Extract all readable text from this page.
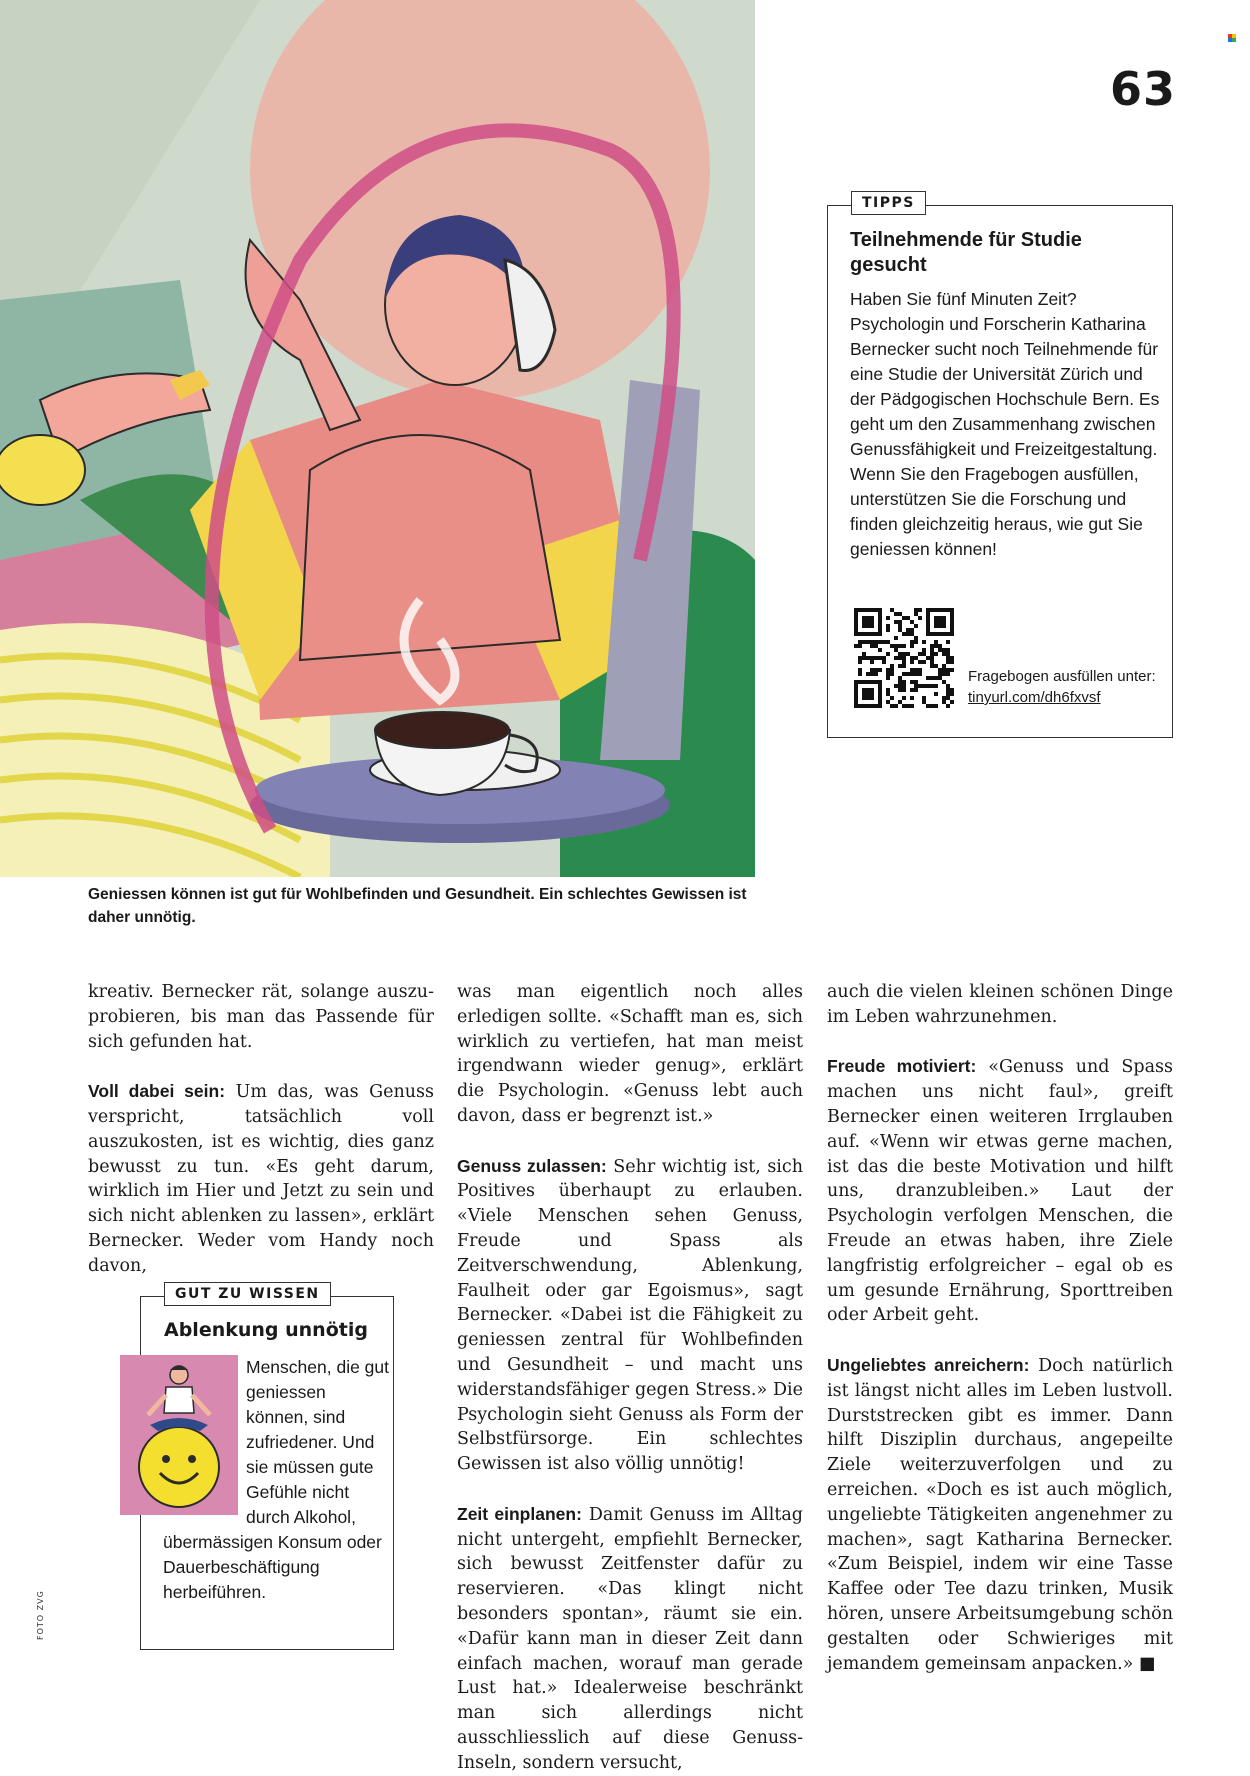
63
TIPPS
Teilnehmende für Studie gesucht
Haben Sie fünf Minuten Zeit? Psychologin und Forscherin Katharina Bernecker sucht noch Teilnehmende für eine Studie der Universität Zürich und der Pädgogischen Hochschule Bern. Es geht um den Zusammenhang zwischen Genussfähigkeit und Freizeitgestaltung. Wenn Sie den Fragebogen ausfüllen, unterstützen Sie die Forschung und finden gleichzeitig heraus, wie gut Sie geniessen können!
Fragebogen ausfüllen unter:
tinyurl.com/dh6fxvsf
Geniessen können ist gut für Wohlbefinden und Gesundheit. Ein schlechtes Gewissen ist daher unnötig.

kreativ. Bernecker rät, solange auszuprobieren, bis man das Passende für sich gefunden hat.

Voll dabei sein: Um das, was Genuss verspricht, tatsächlich voll auszukosten, ist es wichtig, dies ganz bewusst zu tun. «Es geht darum, wirklich im Hier und Jetzt zu sein und sich nicht ablenken zu lassen», erklärt Bernecker. Weder vom Handy noch davon,

was man eigentlich noch alles erledigen sollte. «Schafft man es, sich wirklich zu vertiefen, hat man meist irgendwann wieder genug», erklärt die Psychologin. «Genuss lebt auch davon, dass er begrenzt ist.»

Genuss zulassen: Sehr wichtig ist, sich Positives überhaupt zu erlauben. «Viele Menschen sehen Genuss, Freude und Spass als Zeitverschwendung, Ablenkung, Faulheit oder gar Egoismus», sagt Bernecker. «Dabei ist die Fähigkeit zu geniessen zentral für Wohlbefinden und Gesundheit – und macht uns widerstandsfähiger gegen Stress.» Die Psychologin sieht Genuss als Form der Selbstfürsorge. Ein schlechtes Gewissen ist also völlig unnötig!

Zeit einplanen: Damit Genuss im Alltag nicht untergeht, empfiehlt Bernecker, sich bewusst Zeitfenster dafür zu reservieren. «Das klingt nicht besonders spontan», räumt sie ein. «Dafür kann man in dieser Zeit dann einfach machen, worauf man gerade Lust hat.» Idealerweise beschränkt man sich allerdings nicht ausschliesslich auf diese Genuss-Inseln, sondern versucht,

auch die vielen kleinen schönen Dinge im Leben wahrzunehmen.

Freude motiviert: «Genuss und Spass machen uns nicht faul», greift Bernecker einen weiteren Irrglauben auf. «Wenn wir etwas gerne machen, ist das die beste Motivation und hilft uns, dranzubleiben.» Laut der Psychologin verfolgen Menschen, die Freude an etwas haben, ihre Ziele langfristig erfolgreicher – egal ob es um gesunde Ernährung, Sporttreiben oder Arbeit geht.

Ungeliebtes anreichern: Doch natürlich ist längst nicht alles im Leben lustvoll. Durststrecken gibt es immer. Dann hilft Disziplin durchaus, angepeilte Ziele weiterzuverfolgen und zu erreichen. «Doch es ist auch möglich, ungeliebte Tätigkeiten angenehmer zu machen», sagt Katharina Bernecker. «Zum Beispiel, indem wir eine Tasse Kaffee oder Tee dazu trinken, Musik hören, unsere Arbeitsumgebung schön gestalten oder Schwieriges mit jemandem gemeinsam anpacken.» ■

GUT ZU WISSEN
Ablenkung unnötig
Menschen, die gut geniessen können, sind zufriedener. Und sie müssen gute Gefühle nicht durch Alkohol, übermässigen Konsum oder Dauerbeschäftigung herbeiführen.
FOTO ZVG
